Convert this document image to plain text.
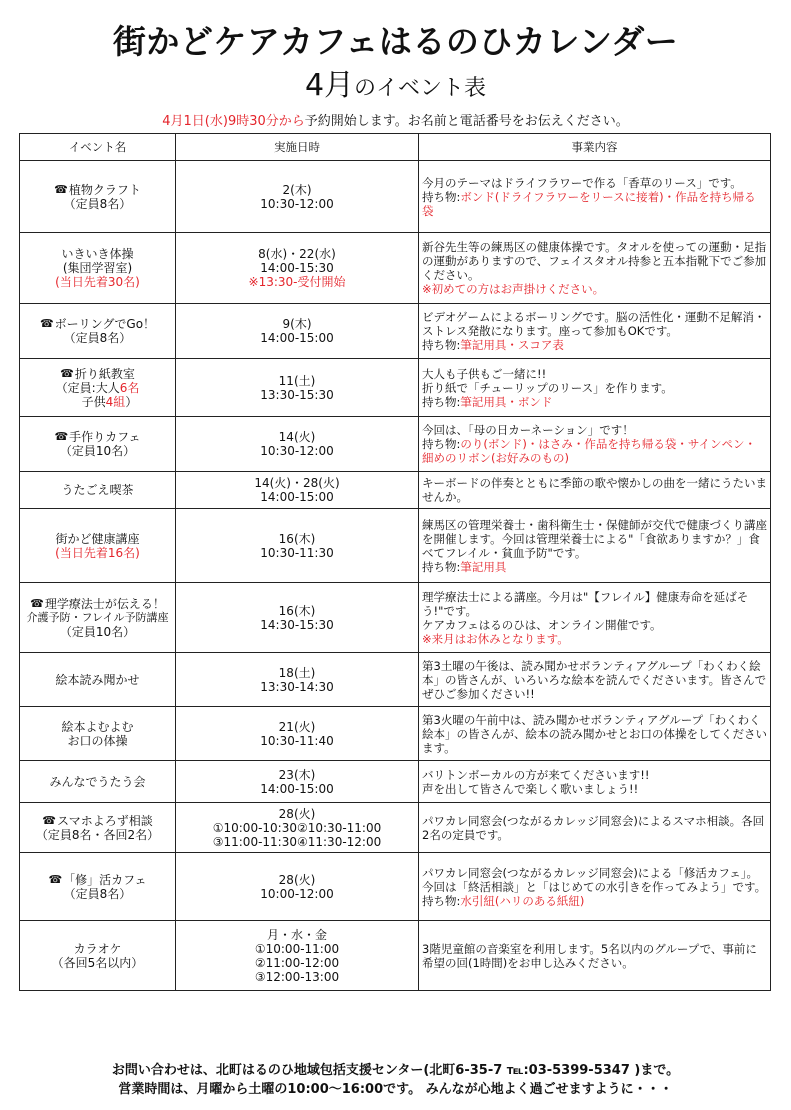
街かどケアカフェはるのひカレンダー
4月のイベント表
4月1日(水)9時30分から予約開始します。お名前と電話番号をお伝えください。
イベント名	実施日時	事業内容

☎植物クラフト
（定員8名）	2(木)
10:30-12:00	今月のテーマはドライフラワーで作る「香草のリース」です。
持ち物:ボンド(ドライフラワーをリースに接着)・作品を持ち帰る袋

いきいき体操
(集団学習室)
(当日先着30名)	8(水)・22(水)
14:00-15:30
※13:30-受付開始	新谷先生等の練馬区の健康体操です。タオルを使っての運動・足指の運動がありますので、フェイスタオル持参と五本指靴下でご参加ください。
※初めての方はお声掛けください。

☎ボーリングでGo！
（定員8名）	9(木)
14:00-15:00	ビデオゲームによるボーリングです。脳の活性化・運動不足解消・ストレス発散になります。座って参加もOKです。
持ち物:筆記用具・スコア表

☎折り紙教室
（定員:大人6名
　　子供4組）	11(土)
13:30-15:30	大人も子供もご一緒に!!
折り紙で「チューリップのリース」を作ります。
持ち物:筆記用具・ボンド

☎手作りカフェ
（定員10名）	14(火)
10:30-12:00	今回は、「母の日カーネーション」です！
持ち物:のり(ボンド)・はさみ・作品を持ち帰る袋・サインペン・細めのリボン(お好みのもの)

うたごえ喫茶	14(火)・28(火)
14:00-15:00	キーボードの伴奏とともに季節の歌や懐かしの曲を一緒にうたいませんか。

街かど健康講座
(当日先着16名)	16(木)
10:30-11:30	練馬区の管理栄養士・歯科衛生士・保健師が交代で健康づくり講座を開催します。今回は管理栄養士による"「食欲ありますか？」食べてフレイル・貧血予防"です。
持ち物:筆記用具

☎理学療法士が伝える！
介護予防・フレイル予防講座
（定員10名）	16(木)
14:30-15:30	理学療法士による講座。今月は"【フレイル】健康寿命を延ばそう!"です。
ケアカフェはるのひは、オンライン開催です。
※来月はお休みとなります。

絵本読み聞かせ	18(土)
13:30-14:30	第3土曜の午後は、読み聞かせボランティアグループ「わくわく絵本」の皆さんが、いろいろな絵本を読んでくださいます。皆さんでぜひご参加ください!!

絵本よむよむ
お口の体操	21(火)
10:30-11:40	第3火曜の午前中は、読み聞かせボランティアグループ「わくわく絵本」の皆さんが、絵本の読み聞かせとお口の体操をしてくださいます。

みんなでうたう会	23(木)
14:00-15:00	バリトンボーカルの方が来てくださいます!!
声を出して皆さんで楽しく歌いましょう!!

☎スマホよろず相談
（定員8名・各回2名）	28(火)
①10:00-10:30②10:30-11:00
③11:00-11:30④11:30-12:00	パワカレ同窓会(つながるカレッジ同窓会)によるスマホ相談。各回2名の定員です。

☎「修」活カフェ
（定員8名）	28(火)
10:00-12:00	パワカレ同窓会(つながるカレッジ同窓会)による「修活カフェ」。今回は「終活相談」と「はじめての水引きを作ってみよう」です。
持ち物:水引紐(ハリのある紙紐)

カラオケ
（各回5名以内）	月・水・金
①10:00-11:00
②11:00-12:00
③12:00-13:00	3階児童館の音楽室を利用します。5名以内のグループで、事前に希望の回(1時間)をお申し込みください。
お問い合わせは、北町はるのひ地域包括支援センター(北町6-35-7 ℡:03-5399-5347 )まで。
営業時間は、月曜から土曜の10:00～16:00です。 みんなが心地よく過ごせますように・・・
